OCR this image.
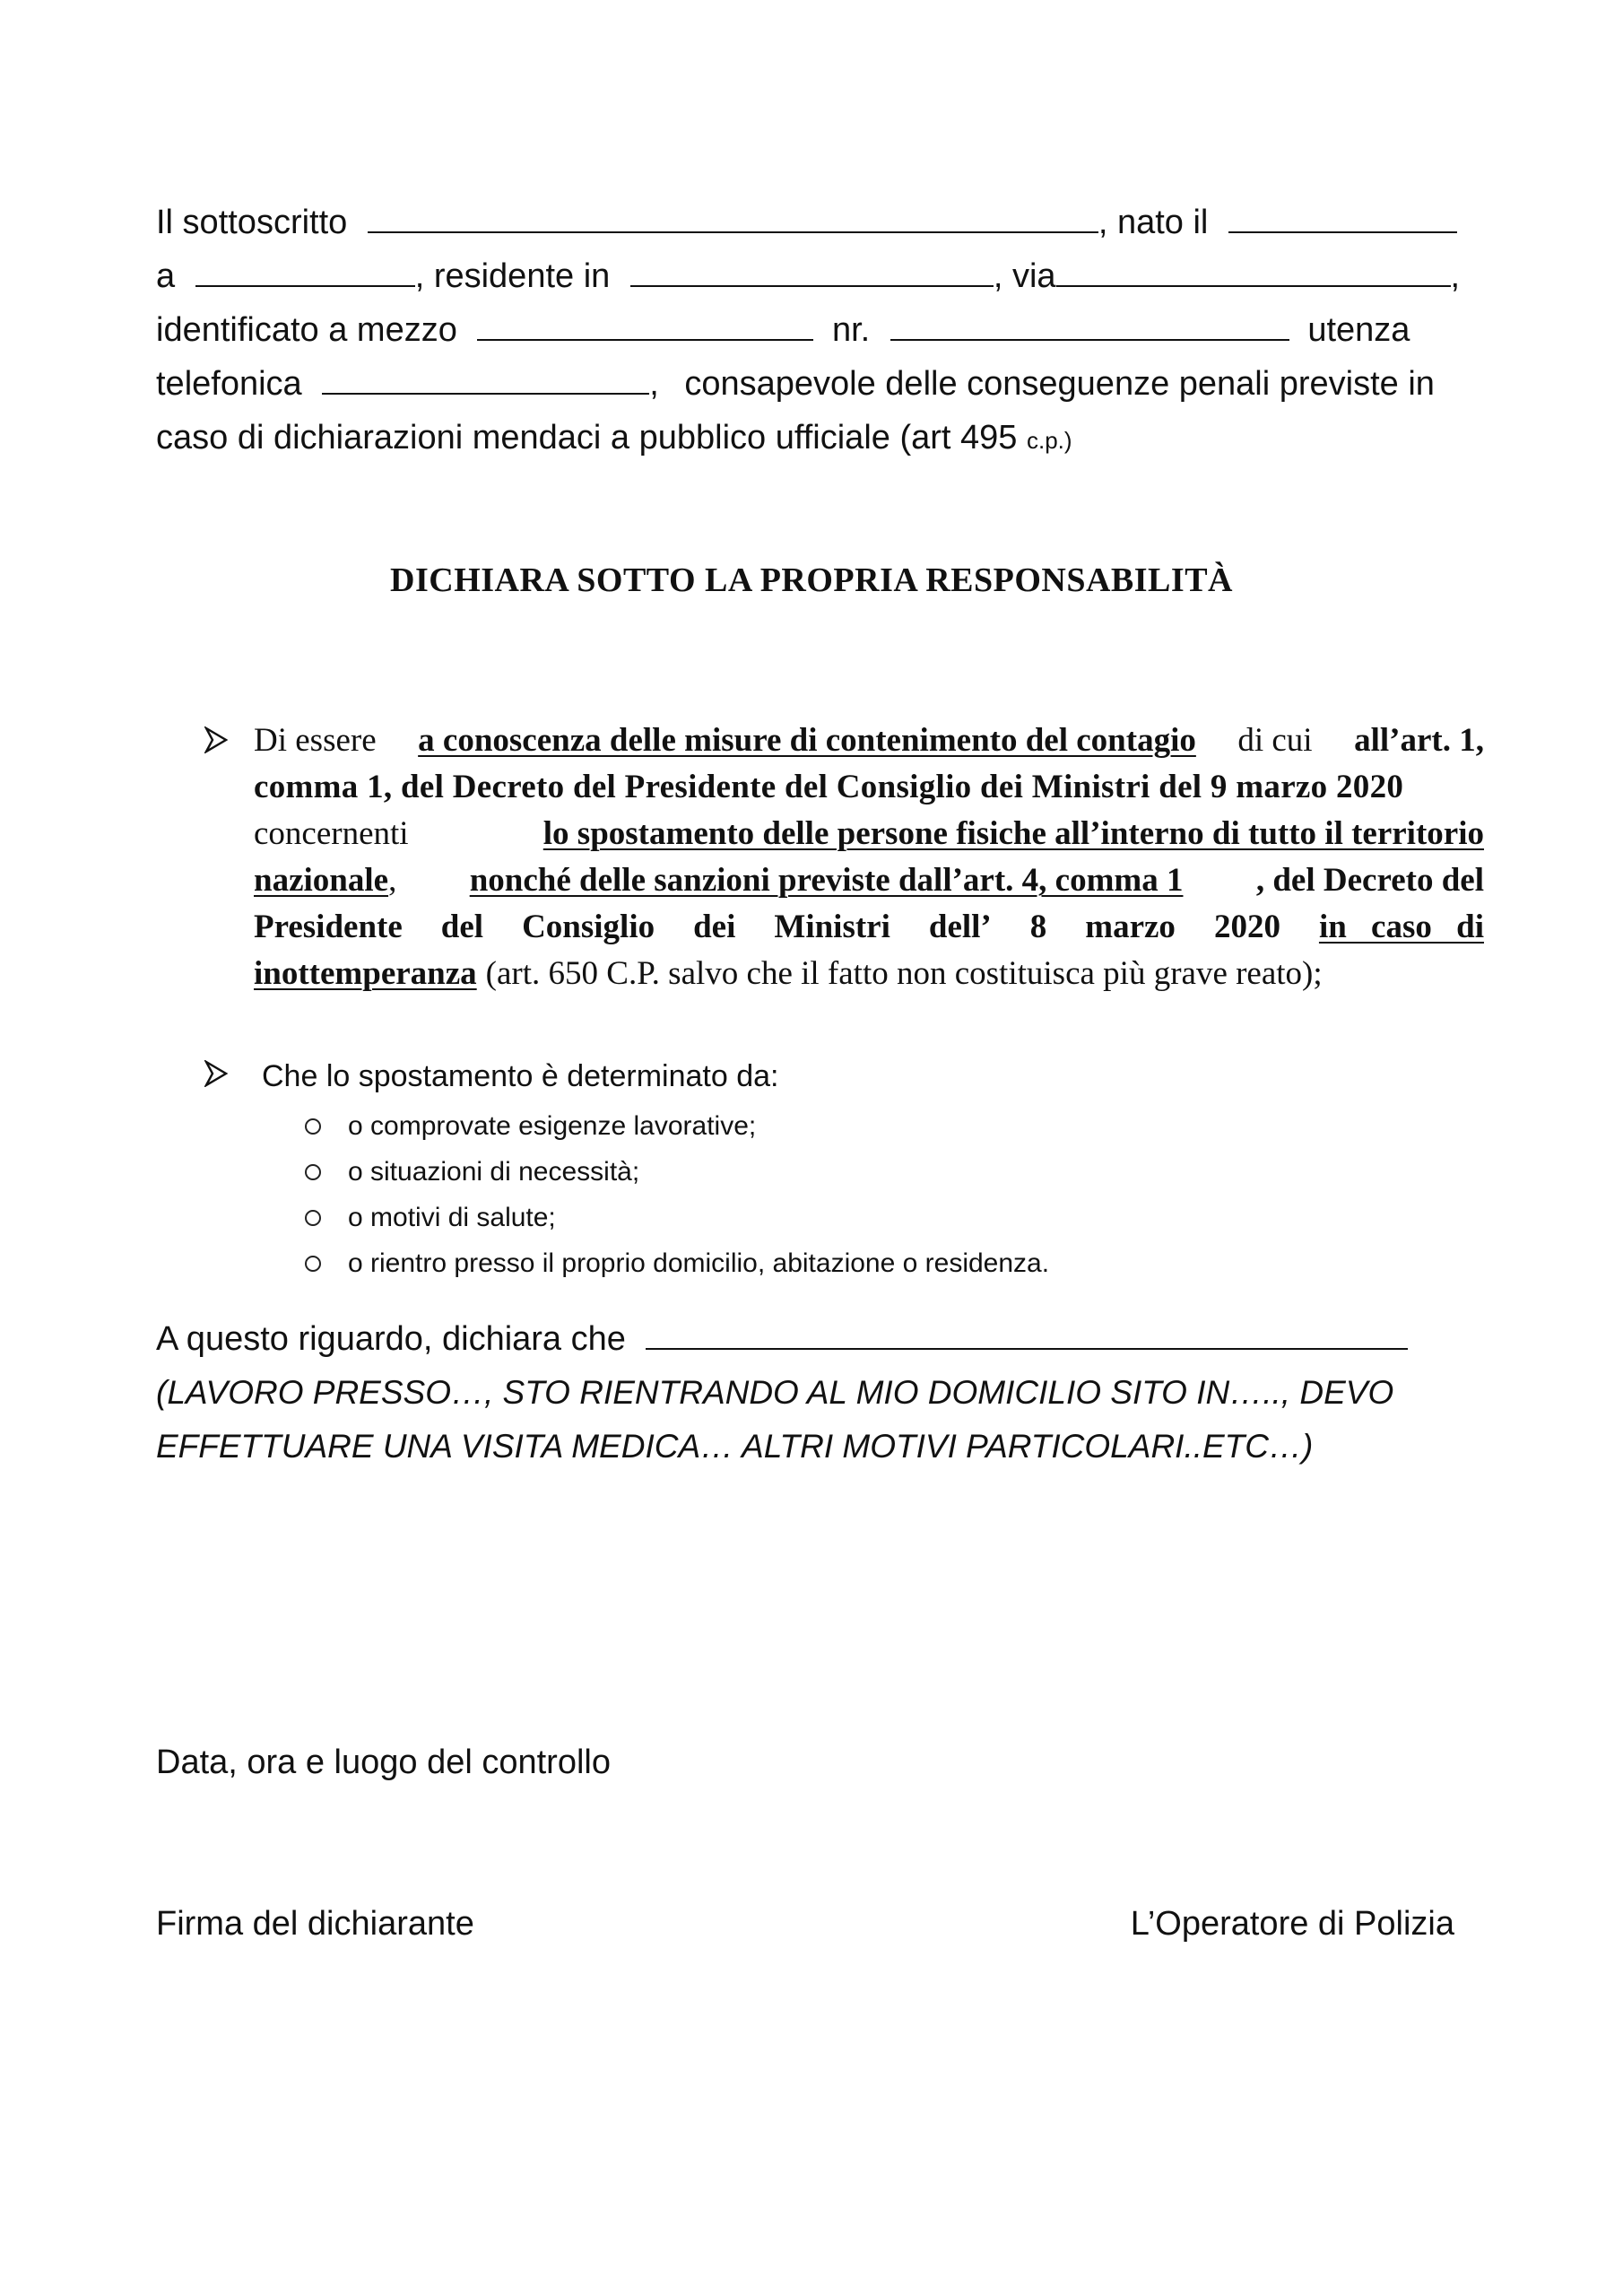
Il sottoscritto	, nato il
a	, residente in	, via	,
identificato a mezzo	nr.	utenza
telefonica	, consapevole delle conseguenze penali previste in
caso di dichiarazioni mendaci a pubblico ufficiale (art 495 c.p.)
DICHIARA SOTTO LA PROPRIA RESPONSABILITÀ
Di essere a conoscenza delle misure di contenimento del contagio di cui all’art. 1,
comma 1, del Decreto del Presidente del Consiglio dei Ministri del 9 marzo 2020
concernenti	lo spostamento delle persone fisiche all’interno di tutto il territorio
nazionale, nonché delle sanzioni previste dall’art. 4, comma 1 , del Decreto del
Presidente del Consiglio dei Ministri dell’ 8 marzo 2020 in caso di
inottemperanza (art. 650 C.P. salvo che il fatto non costituisca più grave reato);
Che lo spostamento è determinato da:
o comprovate esigenze lavorative;
o situazioni di necessità;
o motivi di salute;
o rientro presso il proprio domicilio, abitazione o residenza.
A questo riguardo, dichiara che
(LAVORO PRESSO…, STO RIENTRANDO AL MIO DOMICILIO SITO IN….., DEVO
EFFETTUARE UNA VISITA MEDICA… ALTRI MOTIVI PARTICOLARI..ETC…)
Data, ora e luogo del controllo
Firma del dichiarante	L’Operatore di Polizia
